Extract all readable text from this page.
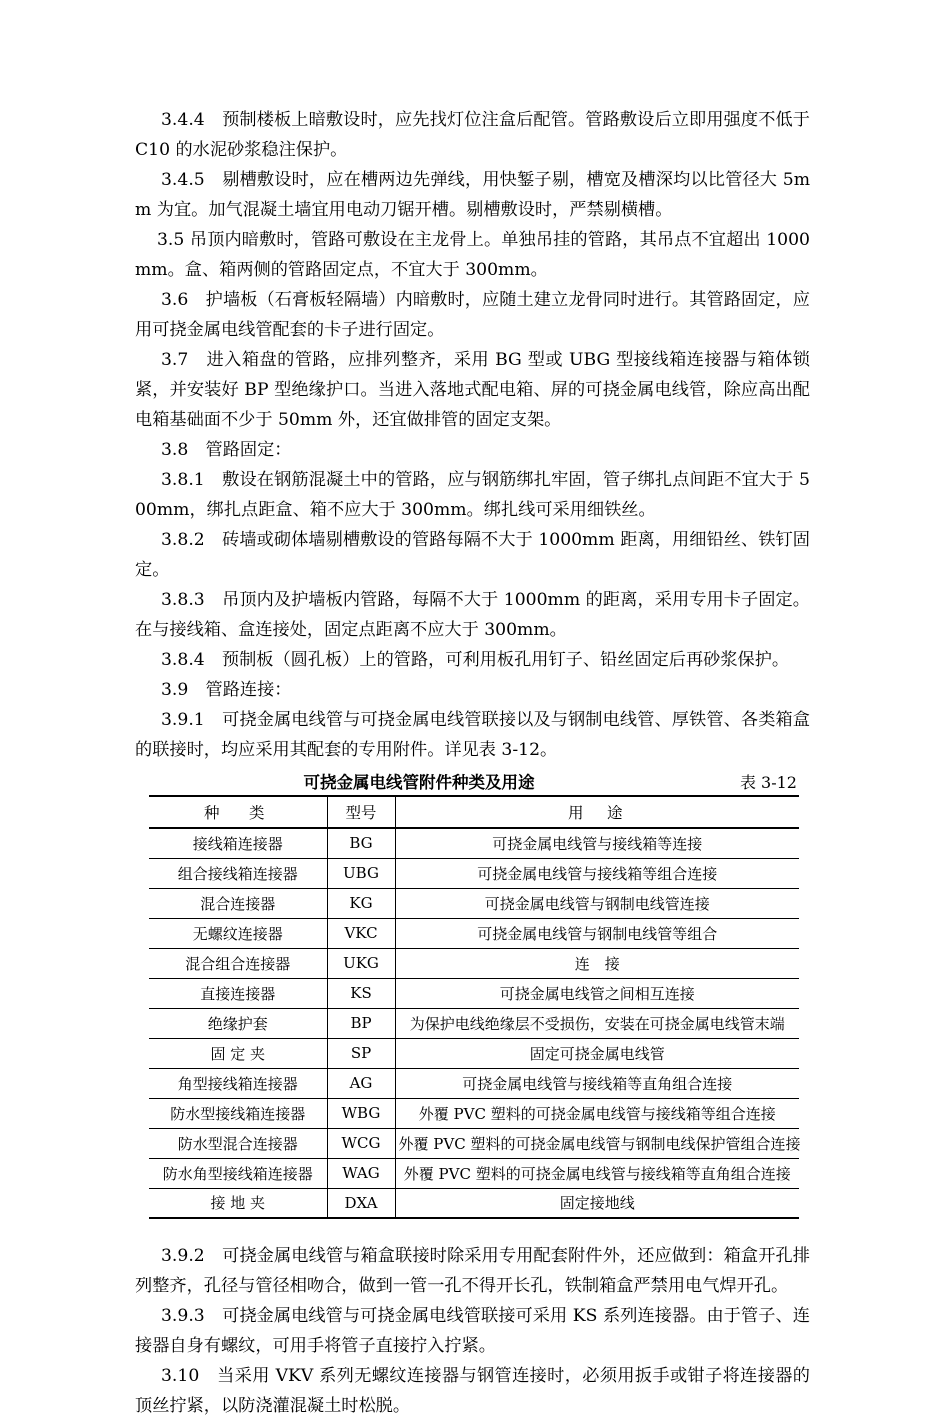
3.4.4　预制楼板上暗敷设时，应先找灯位注盒后配管。管路敷设后立即用强度不低于 C10 的水泥砂浆稳注保护。

3.4.5　剔槽敷设时，应在槽两边先弹线，用快錾子剔，槽宽及槽深均以比管径大 5mm 为宜。加气混凝土墙宜用电动刀锯开槽。剔槽敷设时，严禁剔横槽。

3.5 吊顶内暗敷时，管路可敷设在主龙骨上。单独吊挂的管路，其吊点不宜超出 1000mm。盒、箱两侧的管路固定点，不宜大于 300mm。

3.6　护墙板（石膏板轻隔墙）内暗敷时，应随土建立龙骨同时进行。其管路固定，应用可挠金属电线管配套的卡子进行固定。

3.7　进入箱盘的管路，应排列整齐，采用 BG 型或 UBG 型接线箱连接器与箱体锁紧，并安装好 BP 型绝缘护口。当进入落地式配电箱、屏的可挠金属电线管，除应高出配电箱基础面不少于 50mm 外，还宜做排管的固定支架。

3.8　管路固定：

3.8.1　敷设在钢筋混凝土中的管路，应与钢筋绑扎牢固，管子绑扎点间距不宜大于 500mm，绑扎点距盒、箱不应大于 300mm。绑扎线可采用细铁丝。

3.8.2　砖墙或砌体墙剔槽敷设的管路每隔不大于 1000mm 距离，用细铅丝、铁钉固定。

3.8.3　吊顶内及护墙板内管路，每隔不大于 1000mm 的距离，采用专用卡子固定。在与接线箱、盒连接处，固定点距离不应大于 300mm。

3.8.4　预制板（圆孔板）上的管路，可利用板孔用钉子、铅丝固定后再砂浆保护。

3.9　管路连接：

3.9.1　可挠金属电线管与可挠金属电线管联接以及与钢制电线管、厚铁管、各类箱盒的联接时，均应采用其配套的专用附件。详见表 3-12。

可挠金属电线管附件种类及用途	表 3-12
种　类	型号	用　途
接线箱连接器	BG	可挠金属电线管与接线箱等连接
组合接线箱连接器	UBG	可挠金属电线管与接线箱等组合连接
混合连接器	KG	可挠金属电线管与钢制电线管连接
无螺纹连接器	VKC	可挠金属电线管与钢制电线管等组合
混合组合连接器	UKG	连　接
直接连接器	KS	可挠金属电线管之间相互连接
绝缘护套	BP	为保护电线绝缘层不受损伤，安装在可挠金属电线管末端
固 定 夹	SP	固定可挠金属电线管
角型接线箱连接器	AG	可挠金属电线管与接线箱等直角组合连接
防水型接线箱连接器	WBG	外覆 PVC 塑料的可挠金属电线管与接线箱等组合连接
防水型混合连接器	WCG	外覆 PVC 塑料的可挠金属电线管与钢制电线保护管组合连接
防水角型接线箱连接器	WAG	外覆 PVC 塑料的可挠金属电线管与接线箱等直角组合连接
接 地 夹	DXA	固定接地线

3.9.2　可挠金属电线管与箱盒联接时除采用专用配套附件外，还应做到：箱盒开孔排列整齐，孔径与管径相吻合，做到一管一孔不得开长孔，铁制箱盒严禁用电气焊开孔。

3.9.3　可挠金属电线管与可挠金属电线管联接可采用 KS 系列连接器。由于管子、连接器自身有螺纹，可用手将管子直接拧入拧紧。

3.10　当采用 VKV 系列无螺纹连接器与钢管连接时，必须用扳手或钳子将连接器的顶丝拧紧，以防浇灌混凝土时松脱。
